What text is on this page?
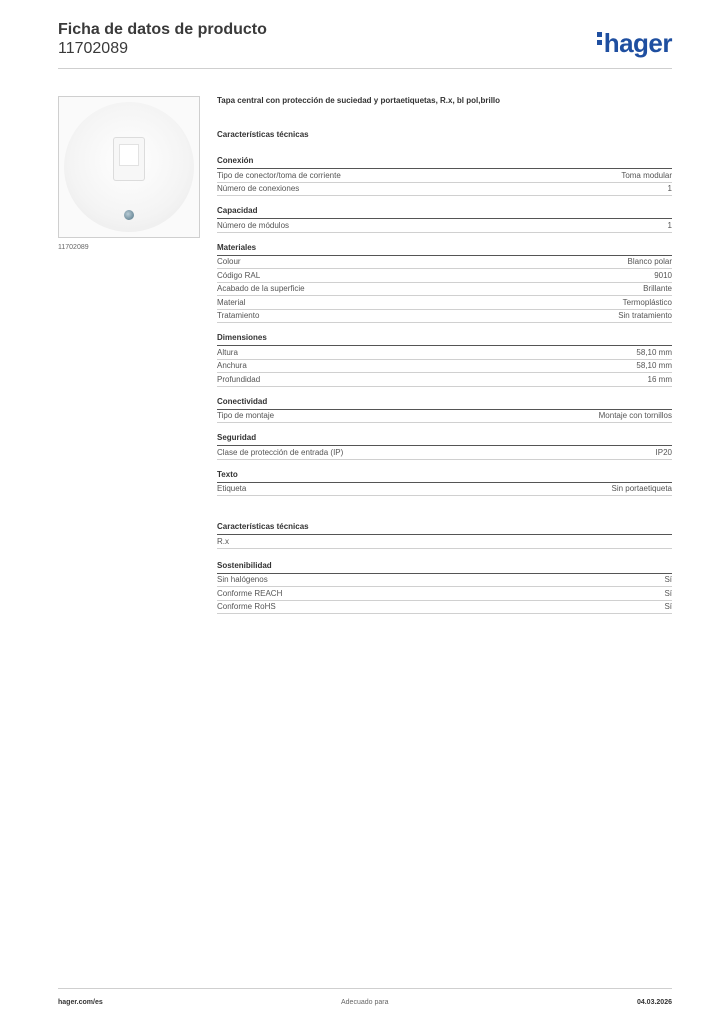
Ficha de datos de producto
11702089	hager
11702089
Tapa central con protección de suciedad y portaetiquetas, R.x, bl pol,brillo
Características técnicas
Conexión
Tipo de conector/toma de corriente	Toma modular
Número de conexiones	1
Capacidad
Número de módulos	1
Materiales
Colour	Blanco polar
Código RAL	9010
Acabado de la superficie	Brillante
Material	Termoplástico
Tratamiento	Sin tratamiento
Dimensiones
Altura	58,10 mm
Anchura	58,10 mm
Profundidad	16 mm
Conectividad
Tipo de montaje	Montaje con tornillos
Seguridad
Clase de protección de entrada (IP)	IP20
Texto
Etiqueta	Sin portaetiqueta
Características técnicas
R.x
Sostenibilidad
Sin halógenos	Sí
Conforme REACH	Sí
Conforme RoHS	Sí
hager.com/es	Adecuado para	04.03.2026
